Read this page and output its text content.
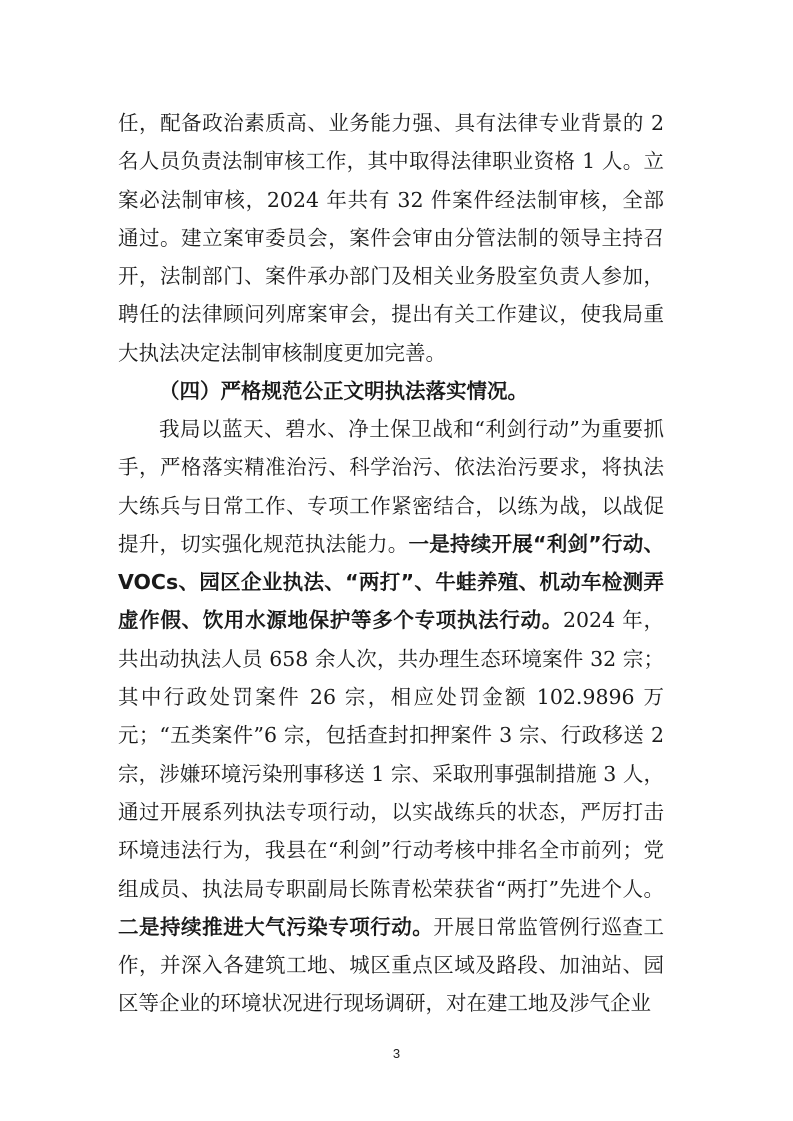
任，配备政治素质高、业务能力强、具有法律专业背景的 2 名人员负责法制审核工作，其中取得法律职业资格 1 人。立案必法制审核，2024 年共有 32 件案件经法制审核，全部通过。建立案审委员会，案件会审由分管法制的领导主持召开，法制部门、案件承办部门及相关业务股室负责人参加，聘任的法律顾问列席案审会，提出有关工作建议，使我局重大执法决定法制审核制度更加完善。

（四）严格规范公正文明执法落实情况。

我局以蓝天、碧水、净土保卫战和“利剑行动”为重要抓手，严格落实精准治污、科学治污、依法治污要求，将执法大练兵与日常工作、专项工作紧密结合，以练为战，以战促提升，切实强化规范执法能力。一是持续开展“利剑”行动、VOCs、园区企业执法、“两打”、牛蛙养殖、机动车检测弄虚作假、饮用水源地保护等多个专项执法行动。2024 年，共出动执法人员 658 余人次，共办理生态环境案件 32 宗；其中行政处罚案件 26 宗，相应处罚金额 102.9896 万元；“五类案件”6 宗，包括查封扣押案件 3 宗、行政移送 2 宗，涉嫌环境污染刑事移送 1 宗、采取刑事强制措施 3 人，通过开展系列执法专项行动，以实战练兵的状态，严厉打击环境违法行为，我县在“利剑”行动考核中排名全市前列；党组成员、执法局专职副局长陈青松荣获省“两打”先进个人。二是持续推进大气污染专项行动。开展日常监管例行巡查工作，并深入各建筑工地、城区重点区域及路段、加油站、园区等企业的环境状况进行现场调研，对在建工地及涉气企业

3
